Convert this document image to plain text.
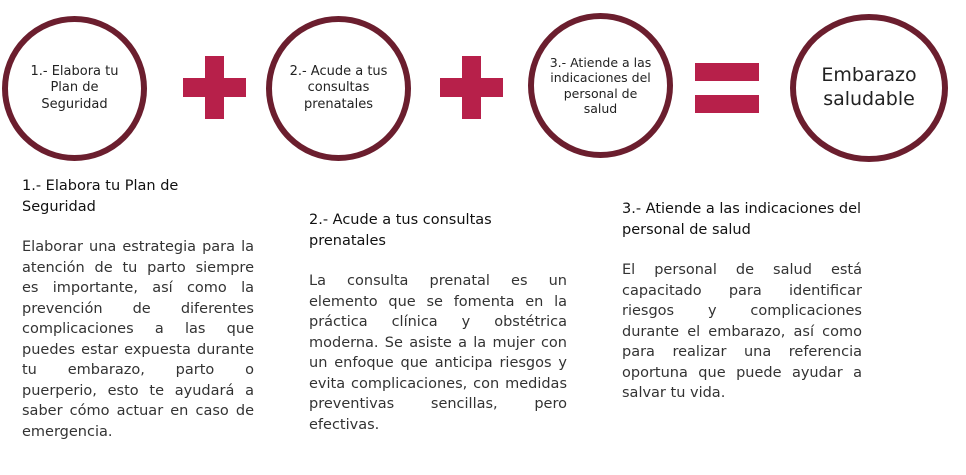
1.- Elabora tu Plan de Seguridad
2.- Acude a tus consultas prenatales
3.- Atiende a las indicaciones del personal de salud
Embarazo saludable

1.- Elabora tu Plan de Seguridad

Elaborar una estrategia para la atención de tu parto siempre es importante, así como la prevención de diferentes complicaciones a las que puedes estar expuesta durante tu embarazo, parto o puerperio, esto te ayudará a saber cómo actuar en caso de emergencia.

2.- Acude a tus consultas prenatales

La consulta prenatal es un elemento que se fomenta en la práctica clínica y obstétrica moderna. Se asiste a la mujer con un enfoque que anticipa riesgos y evita complicaciones, con medidas preventivas sencillas, pero efectivas.

3.- Atiende a las indicaciones del personal de salud

El personal de salud está capacitado para identificar riesgos y complicaciones durante el embarazo, así como para realizar una referencia oportuna que puede ayudar a salvar tu vida.
